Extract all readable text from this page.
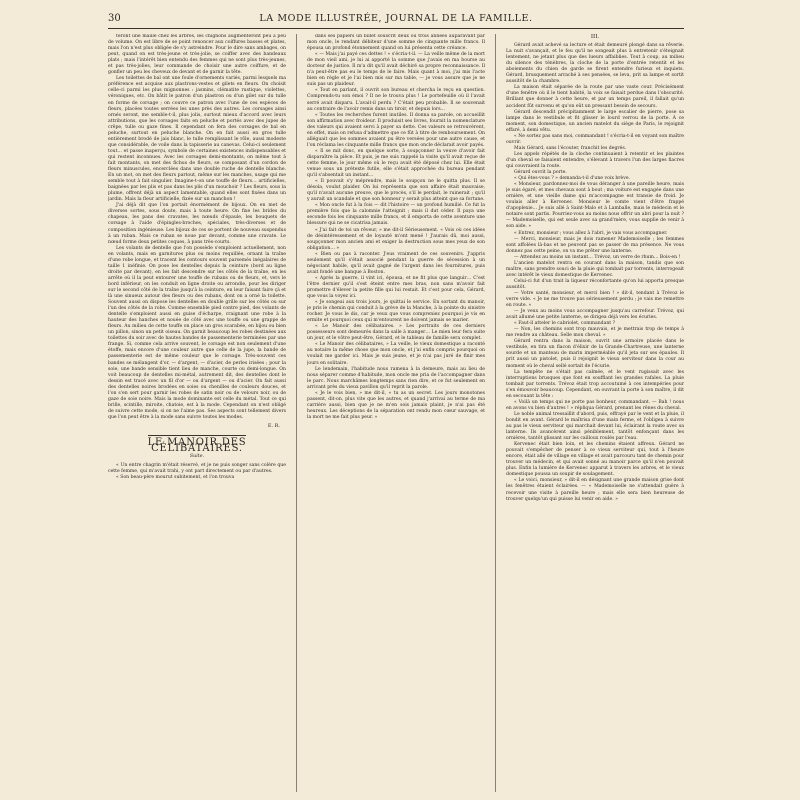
30	LA MODE ILLUSTRÉE, JOURNAL DE LA FAMILLE.

teront une maille chez les arbres, les chignons augmenteront peu à peu de volume. On est libre de se point renoncer aux coiffures basses et plates, mais l'on n'est plus obligée de s'y astreindre. Pour le dire sans ambages, on peut, quand on est très-jeune et très-jolie, se coiffer avec des bandeaux plats ; mais l'intérêt bien entendu des femmes qui ne sont plus très-jeunes, et pas très-jolies, leur commande de choisir une autre coiffure, et de gonfler un peu les cheveux de devant et de garnir la tête.

Les toilettes de bal ont une foule d'ornements variés, parmi lesquels ma préférence est acquise aux plastrons-vestes et gilets en fleurs. On choisit celle-ci parmi les plus mignonnes : jasmins, clématite rustique, violettes, véroniques, etc. On bâtit le patron d'un plastron ou d'un gilet sur du tulle en forme de corsage ; on couvre ce patron avec l'une de ces espèces de fleurs, placées toutes serrées les unes près des autres. Les corsages ainsi ornés seront, me semble-t-il, plus jolis, surtout mieux d'accord avec leurs attributions, que les corsages faits en peluche et portés avec des jupes de crêpe, tulle ou gaze fines. Il cependant on fera des corsages de bal en peluche, surtout en peluche blanche. On en fait aussi en gros tulle entièrement brodé de jais blanc, le tulle remplissant le rôle, aussi modeste que considérable, de voile dans la tapisserie au canevas. Celui-ci seulement tout… et passe inaperçu, symbole de certaines existences indispensables et qui restent inconnues. Avec les corsages demi-montants, on même tout à fait montants, on met des fichus de fleurs, se composant d'un cordon de fleurs minuscules, encerclées dans une double ruche de dentelle blanche. En un mot, on met des fleurs partout, même sur les manches, usage qui me semble tout à fait singulier. Imagine-t-on une touffe de fleurs… artificielles, baignées par les plis et pas dans les plis d'un mouchoir ? Les fleurs, sous la plume, offrent déjà un aspect lamentable, quand elles sont fixées dans un jardin. Mais la fleur artificielle, fixée sur un manchon !

J'ai déjà dit que l'on portait énormément de bijoux. On en met de diverses sortes, sous doute, mais à toute heure. On fixe les brides du chapeau, les pans des cravates, les nœuds d'épaule, les bouquets de corsage à l'aide d'épingles-broches, spéciales, très-diverses et de composition ingénieuse. Les bijoux de ces se portent de nouveau suspendus à un ruban. Mais ce ruban se noue par devant, comme une cravate. Le nœud forme deux petites coques, à pans très-courts.

Les volants de dentelle que l'on possède s'emploient actuellement, non en volants, mais en garnitures plus ou moins requillée, ornant la traîne d'une robe longue, et tracent les contours souvent parsemés inégalaires de taille 1 inéfinie. On pose les dentelles depuis la ceinture (bord au ligne droite par devant), en les fait descendre sur les côtés de la traîne, en les arrête où il la peut entourer une touffe de rubans ou de fleurs, et, vers le bord inférieur, on les conduit en ligne droite ou arrondie, pour les diriger sur le second côté de la traîne jusqu'à la ceinture, en leur faisant faire çà et là une sinueux autour des fleurs ou des rubans, dont on a orné la toilette. Souvent aussi on dispose les dentelles en double grille sur les côtés ou sur l'un des côtés de la robe. Comme ensemble pied contre pied, des volants de dentelle s'emploient aussi en guise d'écharpe, craignant une robe à la hauteur des hanches et nouée de côté avec une touffe ou une grappe de fleurs. Au milieu de cette touffe on place un gros scarabée, en bijou ou bien un pillon, sinon un petit oiseau. On garnit beaucoup les robes destinées aux toilettes du soir avec de hautes bandes de passementerie terminées par une frange. Si, comme cela arrive souvent, le corsage est non seulement d'une étoffe, mais encore d'une couleur autre que celle de la jupe, la bande de passementerie est de même couleur que le corsage. Très-souvent ces bandes se mélangent d'or, — d'argent, — d'acier, de perles irisées ; pour la soie, une bande sensible tient lieu de manche, courte ou demi-longue. On voit beaucoup de dentelles mi-métal, autrement dit, des dentelles dont le dessin est tracé avec un fil d'or — ou d'argent — ou d'acier. On fait aussi des dentelles noires brodées en soies ou chenilles de couleurs douces, et l'on s'en sert pour garnir les robes de satin noir ou de velours noir, ou de gaze de soie noire. Mais la mode dominante est celle du métal. Tout ce qui brille, scintille, miroite, chatoie, est à la mode. Cependant on n'est obligé de suivre cette mode, si on ne l'aime pas. Ses aspects sont tellement divers que l'on peut être à la mode sans suivre toutes les modes.

E. R.
LE MANOIR DES CÉLIBATAIRES.
Suite.

« Un entre chagrin m'était réservé, et je ne puis songer sans colère que cette femme, qui m'avait trahi, y ont part directement ou par d'autres.

« Son beau-père mourut subitement, et l'on trouva

dans ses papiers un billet souscrit deux ou trois années auparavant par mon oncle, le rendant débiteur d'une somme de cinquante mille francs. Il épousa un profond étonnement quand on lui présenta cette créance.

« — Mais j'ai payé ces dettes ! » s'écria-t-il. — La veille même de la mort de mon vieil ami, je lui ai apporté la somme que j'avais en ma bourse au docteur de justice. Il m'a dit qu'il avait déchiré sa propre reconnaissance. Il n'a peut-être pas eu le temps de le faire. Mais quant à moi, j'ai mis l'acte bien en règle et je l'ai bien mis sur ma table, — je vous assure que je ne suis pas un plaideur.

« Tout en parlant, il ouvrit son bureau et chercha le reçu en question. Comprends-tu son émoi ? Il ne le trouva plus ! Le portefeuille où il l'avait serré avait disparu. L'avait-il perdu ? C'était peu probable. Il se souvenait au contraire de l'avoir remis dans un tiroir, et depuis lors…

« Toutes les recherches furent inutiles. Il donna sa parole, on accueillit son affirmation avec froideur. Il produisit ses livres, fournit la nomenclature des valeurs qui avaient servi à payer sa dette. Ces valeurs se retrouvèrent, en effet, mais on refusa d'admettre que ce fût à titre de remboursement. On alléguait que les sommes avaient pu être versées pour une autre cause, et l'on réclama les cinquante mille francs que mon oncle déclarait avoir payés.

« Il se mit donc, en quelque sorte, à soupçonner la veuve d'avoir fait disparaître la pièce. Et puis, je me suis rappelé la visite qu'il avait reçue de cette femme, le jour même où le reçu avait été déposé chez lui. Elle était venue sous un prétexte futile, elle s'était approchée du bureau pendant qu'il s'absentait un instant…

« Il pouvait s'y méprendre, mais le soupçon ne le quitta plus. Il se désola, voulut plaider. On lui représenta que son affaire était mauvaise, qu'il n'avait aucune preuve, que le procès, s'il le perdait, le ruinerait ; qu'il y aurait un scandale et que son honneur y serait plus atteint que sa fortune.

« Mon oncle fut à la fois — dit l'histoire — un profond humilié. Ce fut la première fois que la calomnie l'atteignit ; mais il dut céder. Il paya une seconde fois les cinquante mille francs, et il emporta de cette aventure une blessure qui ne se cicatrisa jamais.

« J'ai fait de toi un rêveur, » me dit-il Sérieusement. « Vois où ces idées de désintéressement et de loyauté m'ont mené ! J'aurais dû, moi aussi, soupçonner mon ancien ami et exiger la destruction sous mes yeux de son obligation… »

« Bien ou pas à raconter. J'eus vraiment de ces souvenirs. J'appris seulement qu'il s'était associé pendant la guerre de sécession à un négociant habile, qu'il avait gagné de l'argent dans les fournitures, puis avait fondé une banque à Boston.

« Après la guerre, il vint ici, épousa, et ne fit plus que languir… C'est l'être dernier qu'il s'est éteint entre mes bras, non sans m'avoir fait promettre d'élever la petite fille qui lui restait. Et c'est pour cela, Gérard, que vous la voyez ici.

« Je songeai aux trois jours, je quittai le service. En sortant du manoir, je pris le chemin qui conduit à la grève de la Manche, à la pointe du sinistre rocher. Je vous le dis, car je veux que vous compreniez pourquoi je vis en ermite et pourquoi ceux qui m'entourent ne doivent jamais se marier.

« Le Manoir des célibataires. » Les portraits de ces derniers possesseurs sont demeurés dans la salle à manger… Le mien leur fera suite un jour, et le vôtre peut-être, Gérard, et le tableau de famille sera complet.

« Le Manoir des célibataires, » La veille, le vieux domestique a raconté au notaire la même chose que mon oncle, et j'ai enfin compris pourquoi on voulait me garder ici. Mais je suis jeune, et je n'ai pas juré de finir mes jours en solitaire.

Le lendemain, l'habitude nous ramena à la demeure, mais au lieu de nous séparer comme d'habitude, mon oncle me pria de l'accompagner dans le parc. Nous marchâmes longtemps sans rien dire, et ce fut seulement en arrivant près du vieux pavillon qu'il reprit la parole.

« Je le vois bien, » me dit-il, « tu as un secret. Les jours monotones passent, dit-on, plus vite que les autres, et quand j'arrivai au terme de ma carrière aussi, bien que je ne m'en sois jamais plaint, je n'ai pas été heureux. Les déceptions de la séparation ont rendu mon cœur sauvage, et la mort ne me fait plus peur. »

III.

Gérard avait achevé sa lecture et était demeuré plongé dans sa rêverie. La nuit s'avançait, et le feu qu'il ne songeait plus à entretenir s'éteignait lentement, ne jetant plus que des lueurs affaiblies. Tout à coup, au milieu du silence des ténèbres, la cloche de la porte d'entrée retentit et les aboiements du chien de garde se firent entendre furieux et inquiets. Gérard, brusquement arraché à ses pensées, se leva, prit sa lampe et sortit aussitôt de la chambre.

La maison était séparée de la route par une vaste cour. Précisément d'une fenêtre où il le tient habité, la voix se faisait perdue dans l'obscurité. Brillant que donner à cette heure, et par un temps pareil, il fallait qu'un accident fût survenu et qu'on eût un pressant besoin de secours.

Gérard descendit précipitamment le large escalier de pierre, pose sa lampe dans le vestibule et fit glisser le lourd verrou de la porte. À ce moment, son domestique, un ancien matelot du siège de Paris, le rejoignit effaré, à demi vêtu.

« Ne sortez pas sans moi, commandant ! s'écria-t-il en voyant son maître ouvrir.

Mais Gérard, sans l'écouter, franchit les degrés.

Les appels répétés de la cloche continuaient à retentir et les plaintes d'un cheval se faisaient entendre, s'élevant à travers l'un des larges fiacres qui couvraient la route.

Gérard ouvrit la porte.

« Qui êtes-vous ? » demanda-t-il d'une voix brève.

« Monsieur, pardonnez-moi de vous déranger à une pareille heure, mais je suis égaré, et mes chevaux sont à bout ; ma voiture est engagée dans une ornière, et une vieille dame qui m'accompagne est transie de froid. Je voulais aller à Kervenec. Monsieur le comte vient d'être frappé d'apoplexie… Je suis allé à Saint-Malo et à Lamballe, mais le médecin et le notaire sont partis. Pourriez-vous au moins nous offrir un abri pour la nuit ? — Mademoiselle, qui est seule avec sa grand'mère, vous supplie de venir à son aide. »

« Entrez, monsieur ; vous allez à l'abri, je vais vous accompagner.

— Merci, monsieur, mais je dois ramener Mademoiselle ; les femmes sont affolées là-bas et ne peuvent pas se passer de ma présence. Ne vous donnez pas cette peine, on va me prêter une lanterne.

— Attendez au moins un instant… Trévoz, un verre de rhum… Bois-en !

L'ancien matelot rentra en courant dans la maison, tandis que son maître, sans prendre souci de la pluie qui tombait par torrents, interrogeait avec intérêt le vieux domestique de Kervenec.

Celui-ci fut d'un trait la liqueur réconfortante qu'on lui apporta presque aussitôt.

— Votre santé, monsieur, et merci bien ! » dit-il, tendant à Trévoz le verre vide. « Je ne me trouve pas sérieusement perdu ; je vais me remettre en route. »

— Je veux au moins vous accompagner jusqu'au carrefour. Trévoz, qui avait allumé une petite lanterne, se dirigea déjà vers les écuries.

« Faut-il atteler le cabriolet, commandant ?

— Non, les chemins sont trop mauvais, et je mettrais trop de temps à me rendre au château. Selle mon cheval. »

Gérard rentra dans la maison, ouvrit une armoire placée dans le vestibule, en tira un flacon d'élixir de la Grande-Chartreuse, une lanterne sourde et un manteau de marin imperméable qu'il jeta sur ses épaules. Il prit aussi un pistolet, puis il rejoignit le vieux serviteur dans la cour au moment où le cheval sellé sortait de l'écurie.

La tempête ne s'était pas calmée, et le vent rugissait avec les interruptions brusques que font en soufflant les grandes rafales. La pluie tombait par torrents. Trévoz était trop accoutumé à ces intempéries pour s'en émouvoir beaucoup. Cependant, en ouvrant la porte à son maître, il dit en secouant la tête :

« Voilà un temps qui ne porte pas bonheur, commandant. — Bah ! nous en avons vu bien d'autres ! » répliqua Gérard, prenant les rênes du cheval.

Le noble animal tressaillit d'abord, puis, effrayé par le vent et la pluie, il bondit en avant. Gérard le maîtrisa d'une main ferme, et l'obligea à suivre au pas le vieux serviteur qui marchait devant lui, éclairant la route avec sa lanterne. Ils avancèrent ainsi péniblement, tantôt enfonçant dans les ornières, tantôt glissant sur les cailloux roulés par l'eau.

Kervenec était bien loin, et les chemins étaient affreux. Gérard ne pouvait s'empêcher de penser à ce vieux serviteur qui, tout à l'heure encore, était allé de village en village et avait parcouru tant de chemin pour trouver un médecin, et qui avait sonné au manoir parce qu'il n'en pouvait plus. Enfin la lumière de Kervenec apparut à travers les arbres, et le vieux domestique poussa un soupir de soulagement.

« Le voici, monsieur, » dit-il en désignant une grande maison grise dont les fenêtres étaient éclairées. — « Mademoiselle ne s'attendait guère à recevoir une visite à pareille heure ; mais elle sera bien heureuse de trouver quelqu'un qui puisse lui venir en aide. »
